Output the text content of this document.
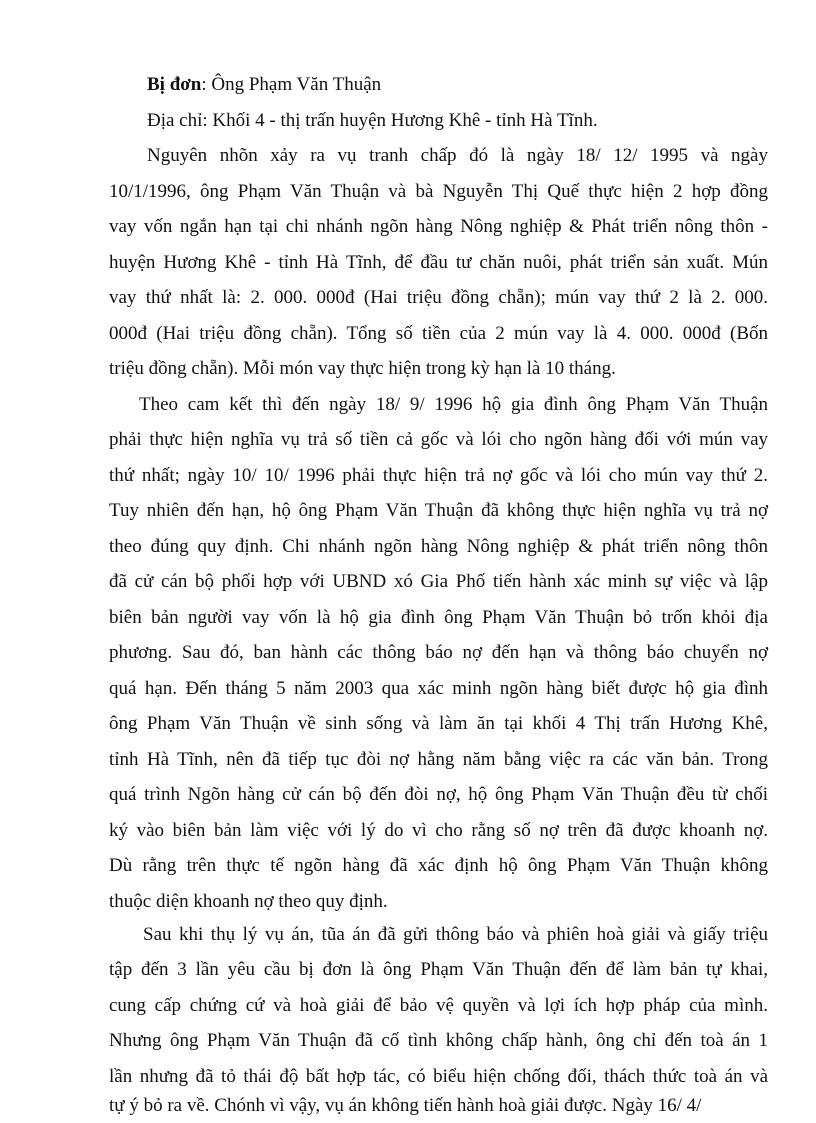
Bị đơn: Ông Phạm Văn Thuận
Địa chỉ: Khối 4 - thị trấn huyện Hương Khê - tỉnh Hà Tĩnh.
Nguyên nhõn xảy ra vụ tranh chấp đó là ngày 18/ 12/ 1995 và ngày
10/1/1996, ông Phạm Văn Thuận và bà Nguyễn Thị Quế thực hiện 2 hợp đồng
vay vốn ngắn hạn tại chi nhánh ngõn hàng Nông nghiệp & Phát triển nông thôn -
huyện Hương Khê - tỉnh Hà Tĩnh, để đầu tư chăn nuôi, phát triển sản xuất. Mún
vay thứ nhất là: 2. 000. 000đ (Hai triệu đồng chẵn); mún vay thứ 2 là 2. 000.
000đ (Hai triệu đồng chẵn). Tổng số tiền của 2 mún vay là 4. 000. 000đ (Bốn
triệu đồng chẵn). Mỗi món vay thực hiện trong kỳ hạn là 10 tháng.
Theo cam kết thì đến ngày 18/ 9/ 1996 hộ gia đình ông Phạm Văn Thuận
phải thực hiện nghĩa vụ trả số tiền cả gốc và lói cho ngõn hàng đối với mún vay
thứ nhất; ngày 10/ 10/ 1996 phải thực hiện trả nợ gốc và lói cho mún vay thứ 2.
Tuy nhiên đến hạn, hộ ông Phạm Văn Thuận đã không thực hiện nghĩa vụ trả nợ
theo đúng quy định. Chi nhánh ngõn hàng Nông nghiệp & phát triển nông thôn
đã cử cán bộ phối hợp với UBND xó Gia Phố tiến hành xác minh sự việc và lập
biên bản người vay vốn là hộ gia đình ông Phạm Văn Thuận bỏ trốn khỏi địa
phương. Sau đó, ban hành các thông báo nợ đến hạn và thông báo chuyển nợ
quá hạn. Đến tháng 5 năm 2003 qua xác minh ngõn hàng biết được hộ gia đình
ông Phạm Văn Thuận về sinh sống và làm ăn tại khối 4 Thị trấn Hương Khê,
tỉnh Hà Tĩnh, nên đã tiếp tục đòi nợ hằng năm bằng việc ra các văn bản. Trong
quá trình Ngõn hàng cử cán bộ đến đòi nợ, hộ ông Phạm Văn Thuận đều từ chối
ký vào biên bản làm việc với lý do vì cho rằng số nợ trên đã được khoanh nợ.
Dù rằng trên thực tế ngõn hàng đã xác định hộ ông Phạm Văn Thuận không
thuộc diện khoanh nợ theo quy định.
Sau khi thụ lý vụ án, tũa án đã gửi thông báo và phiên hoà giải và giấy triệu
tập đến 3 lần yêu cầu bị đơn là ông Phạm Văn Thuận đến để làm bản tự khai,
cung cấp chứng cứ và hoà giải để bảo vệ quyền và lợi ích hợp pháp của mình.
Nhưng ông Phạm Văn Thuận đã cố tình không chấp hành, ông chỉ đến toà án 1
lần nhưng đã tỏ thái độ bất hợp tác, có biểu hiện chống đối, thách thức toà án và
tự ý bỏ ra về. Chónh vì vậy, vụ án không tiến hành hoà giải được. Ngày 16/ 4/
